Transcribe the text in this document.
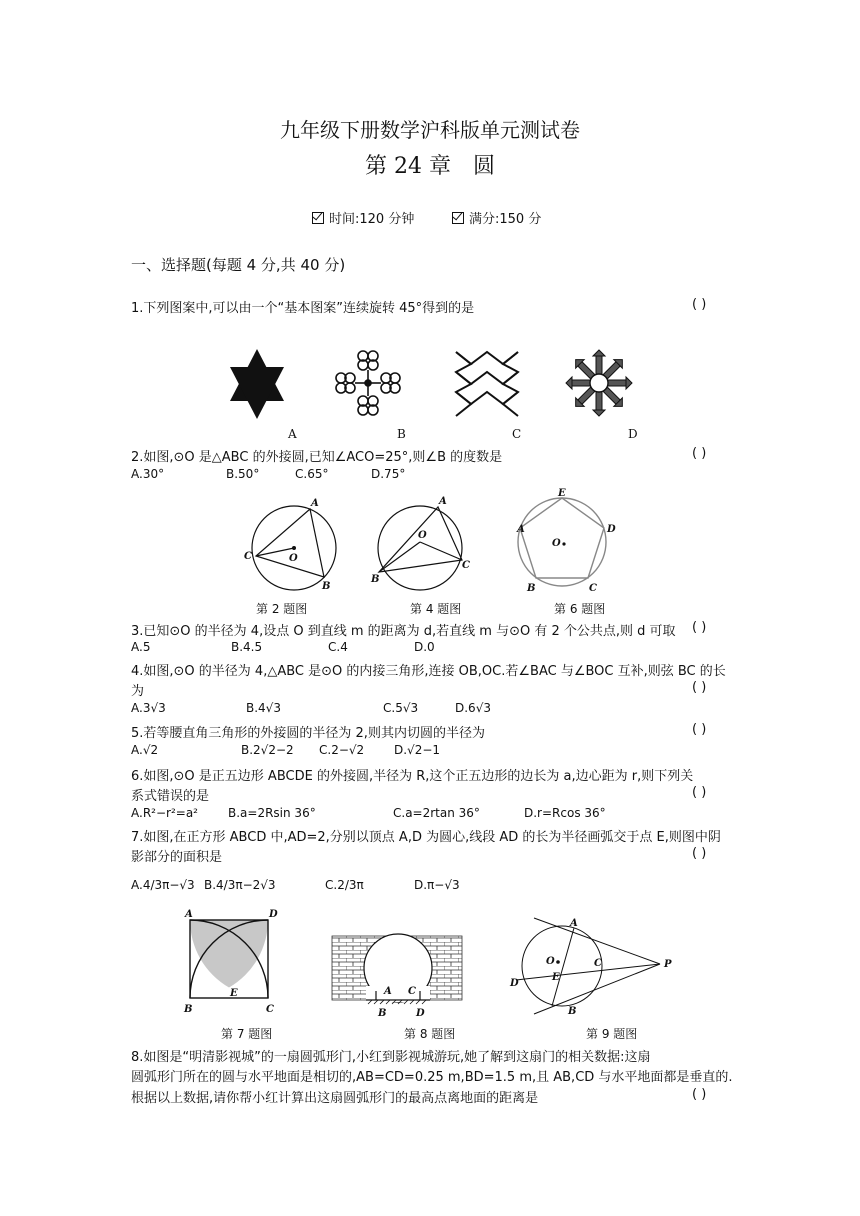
九年级下册数学沪科版单元测试卷
第 24 章　圆
时间:120 分钟	满分:150 分
一、选择题(每题 4 分,共 40 分)
1.下列图案中,可以由一个“基本图案”连续旋转 45°得到的是	( )
A	B	C	D
2.如图,⊙O 是△ABC 的外接圆,已知∠ACO=25°,则∠B 的度数是	( )
A.30°	B.50°	C.65°	D.75°
A
B
C	O
A
B
C
O
A
B	C
D
E
O
第 2 题图	第 4 题图	第 6 题图
3.已知⊙O 的半径为 4,设点 O 到直线 m 的距离为 d,若直线 m 与⊙O 有 2 个公共点,则 d 可取 ( )
A.5	B.4.5	C.4	D.0
4.如图,⊙O 的半径为 4,△ABC 是⊙O 的内接三角形,连接 OB,OC.若∠BAC 与∠BOC 互补,则弦 BC 的长
为	( )
A.3√3	B.4√3	C.5√3	D.6√3
5.若等腰直角三角形的外接圆的半径为 2,则其内切圆的半径为	( )
A.√2	B.2√2−2 C.2−√2 D.√2−1
6.如图,⊙O 是正五边形 ABCDE 的外接圆,半径为 R,这个正五边形的边长为 a,边心距为 r,则下列关
系式错误的是	( )
A.R²−r²=a²	B.a=2Rsin 36°	C.a=2rtan 36°	D.r=Rcos 36°
7.如图,在正方形 ABCD 中,AD=2,分别以顶点 A,D 为圆心,线段 AD 的长为半径画弧交于点 E,则图中阴
影部分的面积是	( )
A.4/3π−√3 B.4/3π−2√3	C.2/3π	D.π−√3
A	D
B	C
E	A
B
C
D
A
B
C
D
E
O	P
第 7 题图	第 8 题图	第 9 题图
8.如图是“明清影视城”的一扇圆弧形门,小红到影视城游玩,她了解到这扇门的相关数据:这扇
圆弧形门所在的圆与水平地面是相切的,AB=CD=0.25 m,BD=1.5 m,且 AB,CD 与水平地面都是垂直的.
根据以上数据,请你帮小红计算出这扇圆弧形门的最高点离地面的距离是	( )
